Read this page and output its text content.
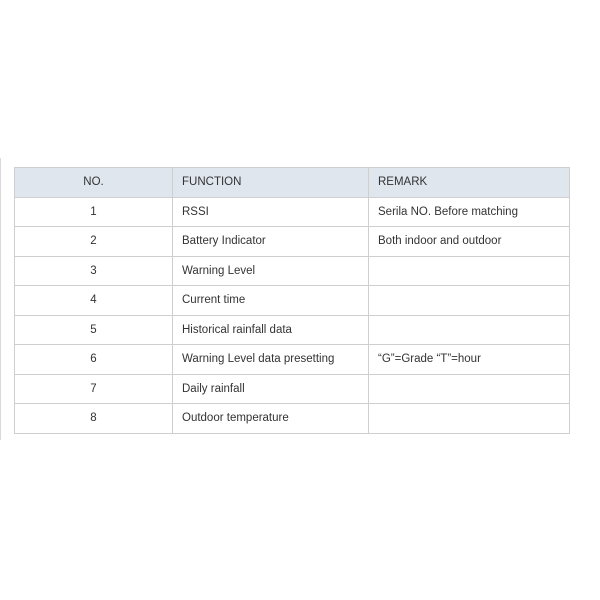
NO.	FUNCTION	REMARK
1	RSSI	Serila NO. Before matching
2	Battery Indicator	Both indoor and outdoor
3	Warning Level	
4	Current time	
5	Historical rainfall data	
6	Warning Level data presetting	“G”=Grade “T”=hour
7	Daily rainfall	
8	Outdoor temperature	
